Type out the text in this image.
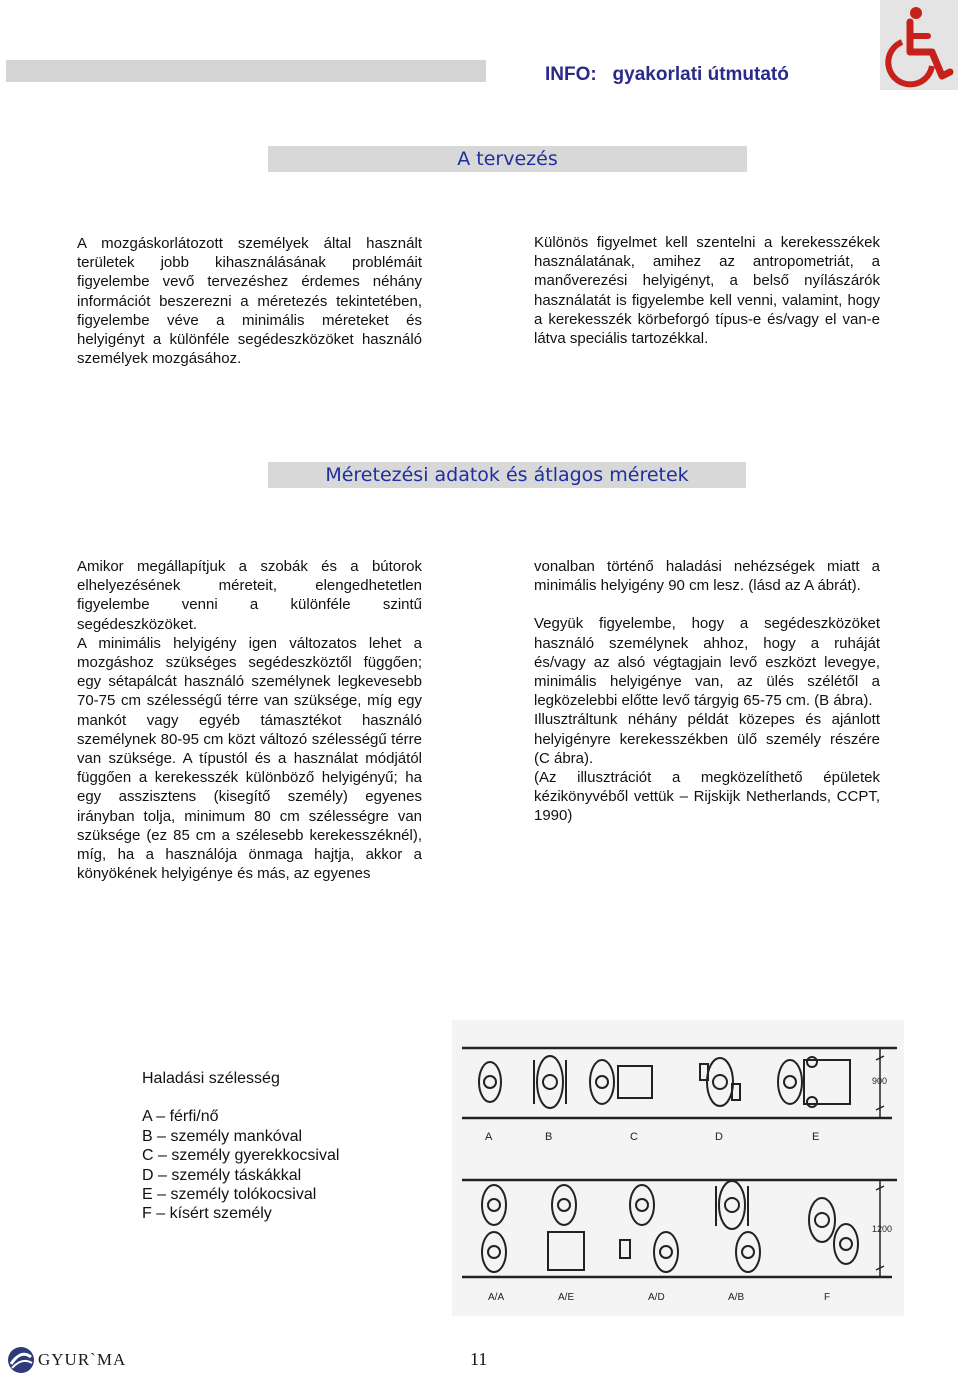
INFO:   gyakorlati útmutató
A tervezés

A mozgáskorlátozott személyek által használt területek jobb kihasználásának problémáit figyelembe vevő tervezéshez érdemes néhány információt beszerezni a méretezés tekintetében, figyelembe véve a minimális méreteket és helyigényt a különféle segédeszközöket használó személyek mozgásához.

Különös figyelmet kell szentelni a kerekesszékek használatának, amihez az antropometriát, a manőverezési helyigényt, a belső nyílászárók használatát is figyelembe kell venni, valamint, hogy a kerekesszék körbeforgó típus-e és/vagy el van-e látva speciális tartozékkal.

Méretezési adatok és átlagos méretek

Amikor megállapítjuk a szobák és a bútorok elhelyezésének méreteit, elengedhetetlen figyelembe venni a különféle szintű segédeszközöket.

A minimális helyigény igen változatos lehet a mozgáshoz szükséges segédeszköztől függően; egy sétapálcát használó személynek legkevesebb 70-75 cm szélességű térre van szüksége, míg egy mankót vagy egyéb támasztékot használó személynek 80-95 cm közt változó szélességű térre van szüksége. A típustól és a használat módjától függően a kerekesszék különböző helyigényű; ha egy asszisztens (kisegítő személy) egyenes irányban tolja, minimum 80 cm szélességre van szüksége (ez 85 cm a szélesebb kerekesszéknél), míg, ha a használója önmaga hajtja, akkor a könyökének helyigénye és más, az egyenes

vonalban történő haladási nehézségek miatt a minimális helyigény 90 cm lesz. (lásd az A ábrát).

Vegyük figyelembe, hogy a segédeszközöket használó személynek ahhoz, hogy a ruháját és/vagy az alsó végtagjain levő eszközt levegye, minimális helyigénye van, az ülés szélétől a legközelebbi előtte levő tárgyig 65-75 cm. (B ábra).

Illusztráltunk néhány példát közepes és ajánlott helyigényre kerekesszékben ülő személy részére (C ábra).

(Az illusztrációt a megközelíthető épületek kézikönyvéből vettük – Rijskijk Netherlands, CCPT, 1990)

Haladási szélesség
A – férfi/nő
B – személy mankóval
C – személy gyerekkocsival
D – személy táskákkal
E – személy tolókocsival
F – kísért személy
900
1200
A	B	C	D	E
A/A	A/E	A/D	A/B	F
GYUR`MA	11
